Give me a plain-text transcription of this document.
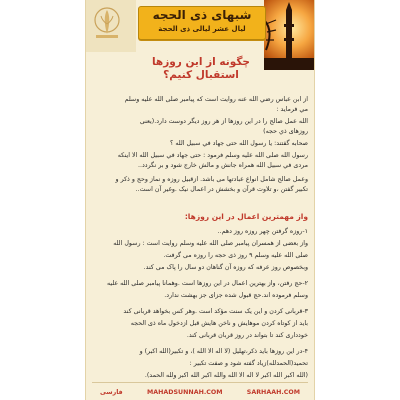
شبهای ذی الحجه
لیال عشر لیالی ذی الحجة
چگونه از این روزها
استقبال کنیم؟
از ابن عباس رضي الله عنه روايت است كه پيامبر صلى الله عليه وسلم
مي فرمايد :
الله عمل صالح را در این روزها از هر روز دیگر دوست دارد.(یعنی
روزهای ذي حجه)
صحابه گفتند: یا رسول الله حتی جهاد في سبيل الله ؟
رسول الله صلى الله عليه وسلم فرمود : حتى جهاد في سبيل الله الا اینکه
مردی في سبيل الله همراه جانش و مالش خارج شود و بر نگردد..
وعمل صالح شامل انواع عبادتها می باشد. ازقبیل روزه و نماز وحج و ذکر و
تکبیر گفتن ،و تلاوت قرآن و بخشش در اعمال نیک .وغیر آن است..
واز مهمترین اعمال در این روزها:
۱-روزه گرفتن چهر روزه روز دهم..
واز بعضی از همسران پیامبر صلى الله عليه وسلم روايت است : رسول الله
صلى الله عليه وسلم ۹ روز ذی حجه را روزه می گرفت.
وبخصوص روز عرفه که روزه آن گناهان دو سال را پاک می کند.
۲-حج رفتن، واز بهترین اعمال در این روزها است .وهمانا پیامبر صلى الله عليه
وسلم فرموده اند.حج قبول شده جزای جز بهشت ندارد.
۳-قربانی کردن و این یک سنت مؤکد است .وهر کس بخواهد قربانی کند
باید از کوتاه کردن موهایش و ناخن هایش قبل ازدخول ماه ذی الحجه
خودداری کند تا بتواند در روز قربان قربانی کند.
۴-در این روزها باید ذکر،تهلیل (لا اله الا الله )، و تکبیر(الله اکبر) و
تحمید(الحمدلله)زیاد گفته شود و صفت تکبیر :
(الله اکبر الله اکبر لا اله الا الله والله اکبر الله اکبر ولله الحمد).
فارسی	MAHADSUNNAH.COM	SARHAAH.COM
